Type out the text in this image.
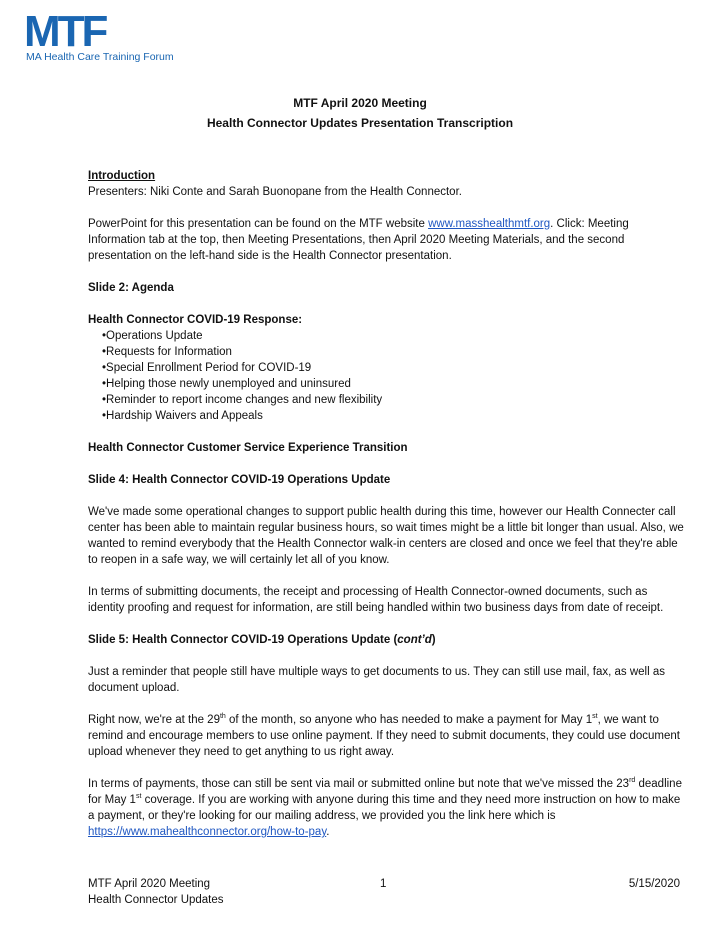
MTF
MA Health Care Training Forum
MTF April 2020 Meeting
Health Connector Updates Presentation Transcription

Introduction

Presenters: Niki Conte and Sarah Buonopane from the Health Connector.

PowerPoint for this presentation can be found on the MTF website www.masshealthmtf.org. Click: Meeting Information tab at the top, then Meeting Presentations, then April 2020 Meeting Materials, and the second presentation on the left-hand side is the Health Connector presentation.

Slide 2: Agenda

Health Connector COVID-19 Response:

• Operations Update
• Requests for Information
• Special Enrollment Period for COVID-19
• Helping those newly unemployed and uninsured
• Reminder to report income changes and new flexibility
• Hardship Waivers and Appeals

Health Connector Customer Service Experience Transition

Slide 4: Health Connector COVID-19 Operations Update

We've made some operational changes to support public health during this time, however our Health Connecter call center has been able to maintain regular business hours, so wait times might be a little bit longer than usual. Also, we wanted to remind everybody that the Health Connector walk-in centers are closed and once we feel that they're able to reopen in a safe way, we will certainly let all of you know.

In terms of submitting documents, the receipt and processing of Health Connector-owned documents, such as identity proofing and request for information, are still being handled within two business days from date of receipt.

Slide 5: Health Connector COVID-19 Operations Update (cont’d)

Just a reminder that people still have multiple ways to get documents to us. They can still use mail, fax, as well as document upload.

Right now, we're at the 29th of the month, so anyone who has needed to make a payment for May 1st, we want to remind and encourage members to use online payment. If they need to submit documents, they could use document upload whenever they need to get anything to us right away.

In terms of payments, those can still be sent via mail or submitted online but note that we've missed the 23rd deadline for May 1st coverage. If you are working with anyone during this time and they need more instruction on how to make a payment, or they're looking for our mailing address, we provided you the link here which is https://www.mahealthconnector.org/how-to-pay.

MTF April 2020 Meeting
Health Connector Updates
1	5/15/2020
